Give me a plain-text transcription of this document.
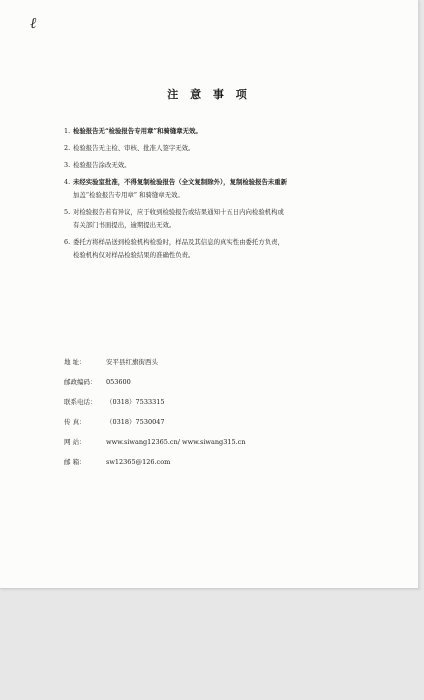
ℓ
注 意 事 项
1. 检验报告无“检验报告专用章”和骑缝章无效。
2. 检验报告无主检、审核、批准人签字无效。
3. 检验报告涂改无效。
4. 未经实验室批准，不得复制检验报告（全文复制除外），复制检验报告未重新
加盖“检验报告专用章” 和骑缝章无效。
5. 对检验报告若有异议，应于收到检验报告或结果通知十五日内向检验机构或
有关部门书面提出，逾期提出无效。
6. 委托方将样品送到检验机构检验时，样品及其信息的真实性由委托方负责，
检验机构仅对样品检验结果的准确性负责。
地 址：	安平县红旗街西头
邮政编码：	053600
联系电话：	（0318）7533315
传 真：	（0318）7530047
网 站：	www.siwang12365.cn/ www.siwang315.cn
邮 箱：	sw12365@126.com
